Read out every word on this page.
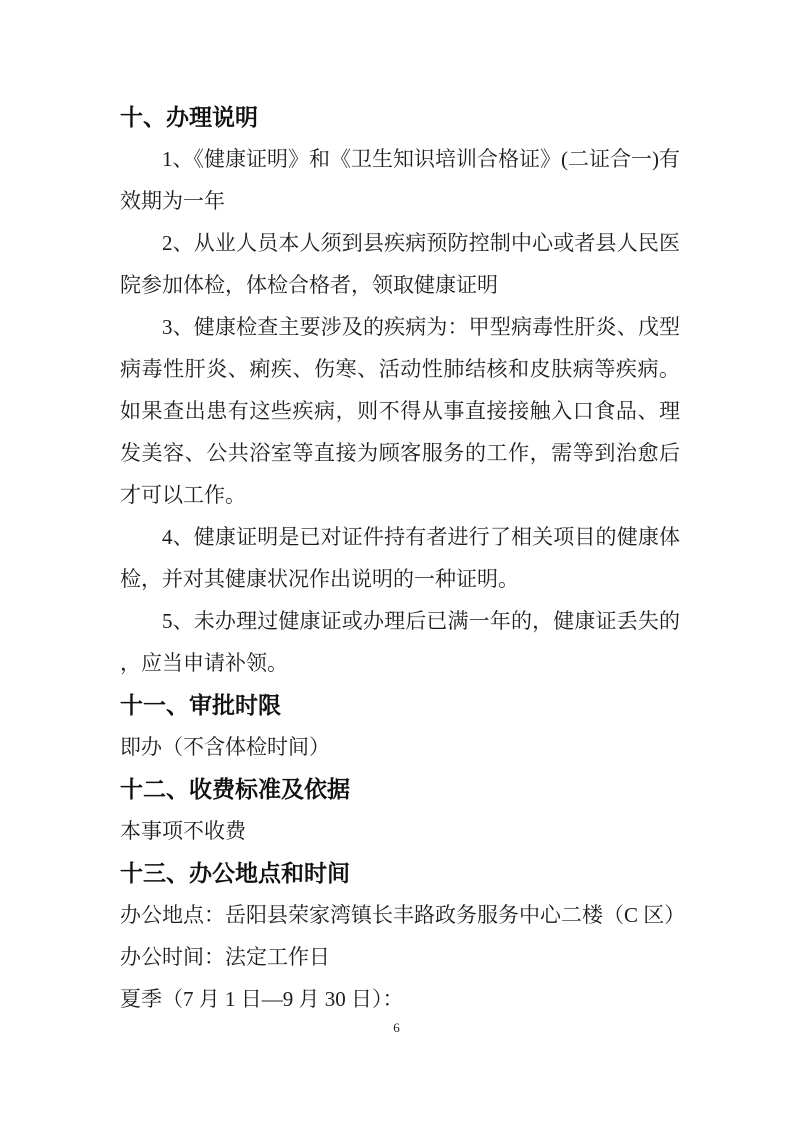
十、办理说明

1、《健康证明》和《卫生知识培训合格证》(二证合一)有效期为一年

2、从业人员本人须到县疾病预防控制中心或者县人民医院参加体检，体检合格者，领取健康证明

3、健康检查主要涉及的疾病为：甲型病毒性肝炎、戊型病毒性肝炎、痢疾、伤寒、活动性肺结核和皮肤病等疾病。如果查出患有这些疾病，则不得从事直接接触入口食品、理发美容、公共浴室等直接为顾客服务的工作，需等到治愈后才可以工作。

4、健康证明是已对证件持有者进行了相关项目的健康体检，并对其健康状况作出说明的一种证明。

5、未办理过健康证或办理后已满一年的，健康证丢失的，应当申请补领。

十一、审批时限

即办（不含体检时间）

十二、收费标准及依据

本事项不收费

十三、办公地点和时间

办公地点：岳阳县荣家湾镇长丰路政务服务中心二楼（C 区）

办公时间：法定工作日

夏季（7 月 1 日—9 月 30 日）：

6
